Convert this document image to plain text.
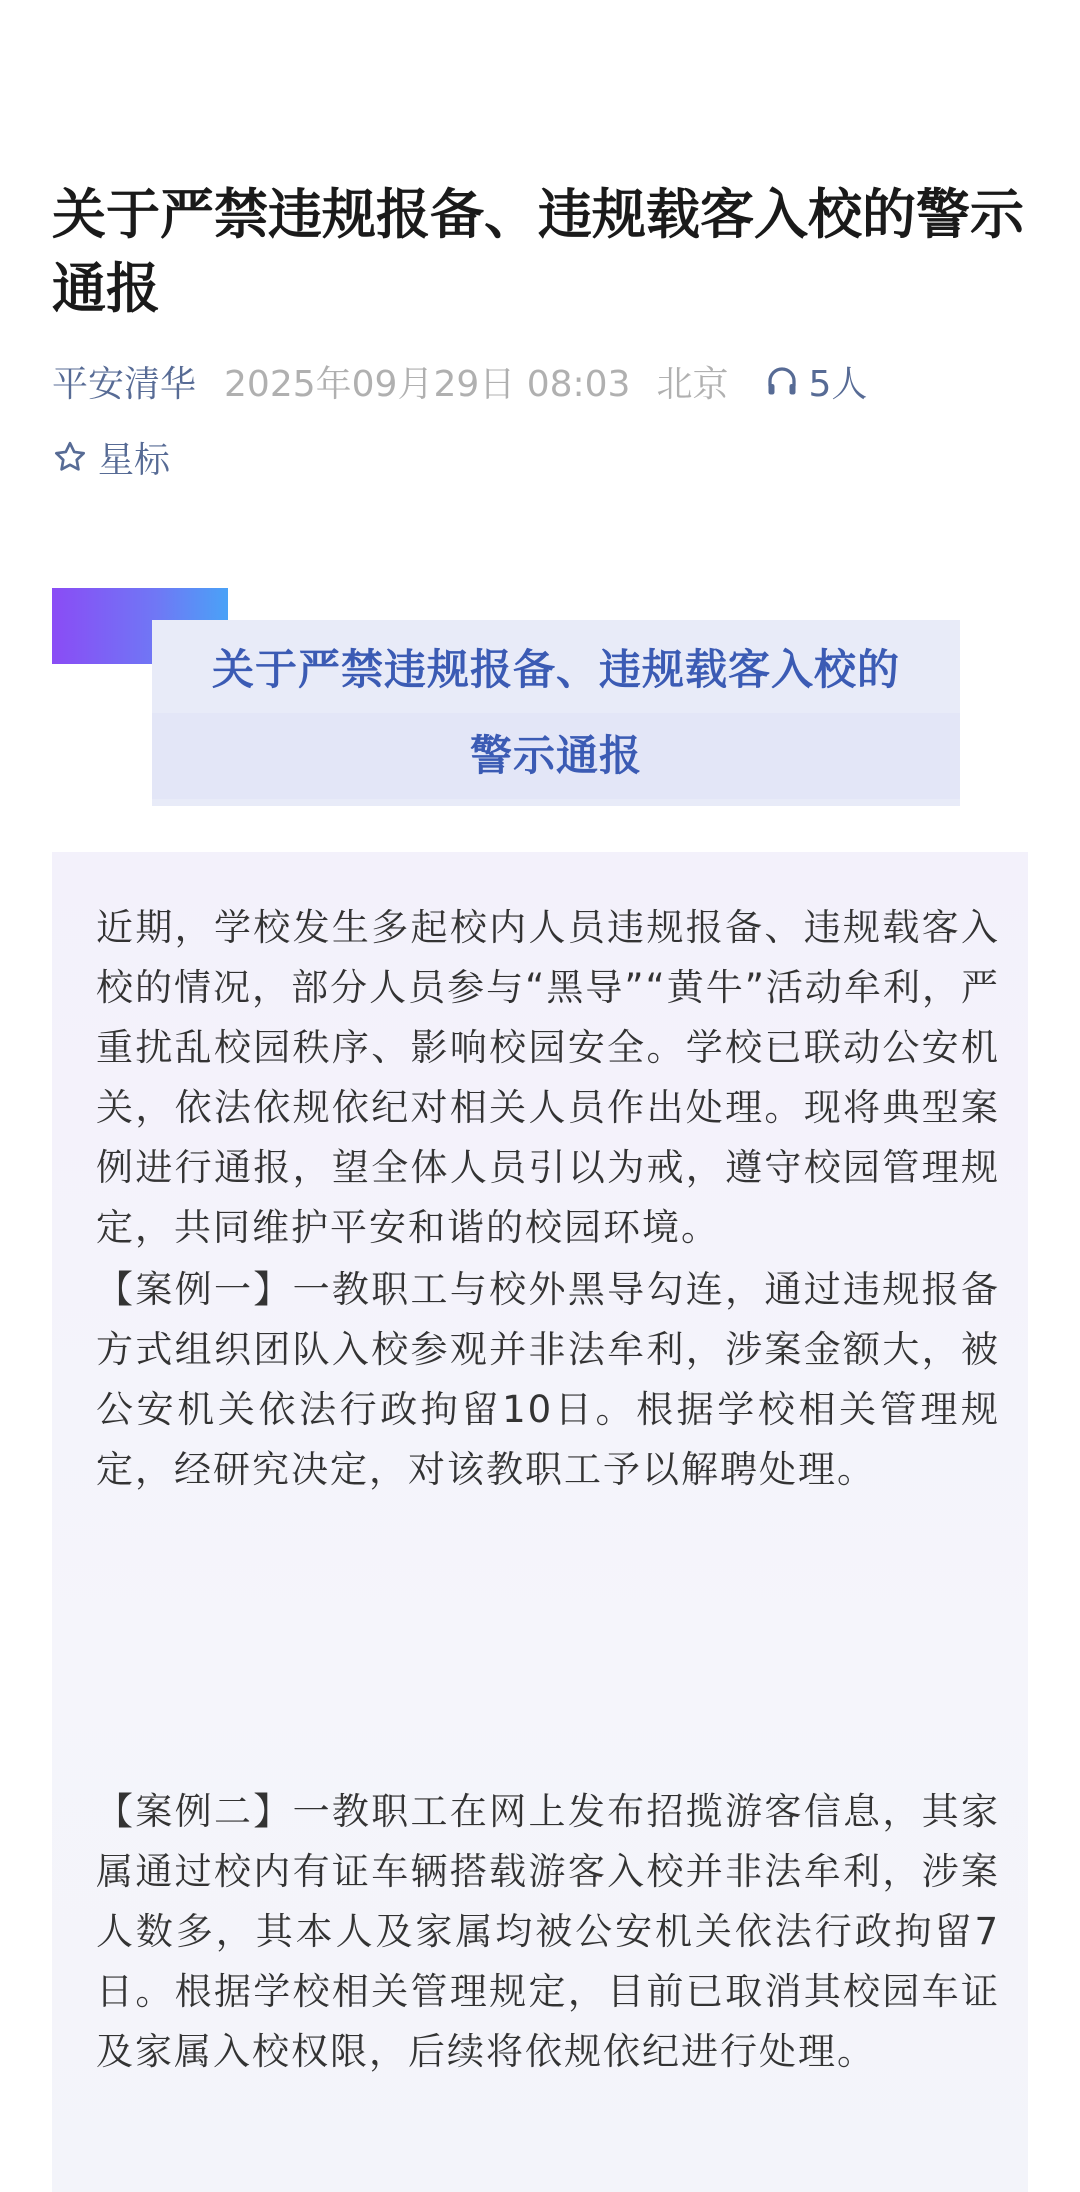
关于严禁违规报备、违规载客入校的警示通报
平安清华 2025年09月29日 08:03 北京 5人
星标
关于严禁违规报备、违规载客入校的
警示通报

近期，学校发生多起校内人员违规报备、违规载客入校的情况，部分人员参与“黑导”“黄牛”活动牟利，严重扰乱校园秩序、影响校园安全。学校已联动公安机关，依法依规依纪对相关人员作出处理。现将典型案例进行通报，望全体人员引以为戒，遵守校园管理规定，共同维护平安和谐的校园环境。

【案例一】一教职工与校外黑导勾连，通过违规报备方式组织团队入校参观并非法牟利，涉案金额大，被公安机关依法行政拘留10日。根据学校相关管理规定，经研究决定，对该教职工予以解聘处理。

【案例二】一教职工在网上发布招揽游客信息，其家属通过校内有证车辆搭载游客入校并非法牟利，涉案人数多，其本人及家属均被公安机关依法行政拘留7日。根据学校相关管理规定，目前已取消其校园车证及家属入校权限，后续将依规依纪进行处理。
